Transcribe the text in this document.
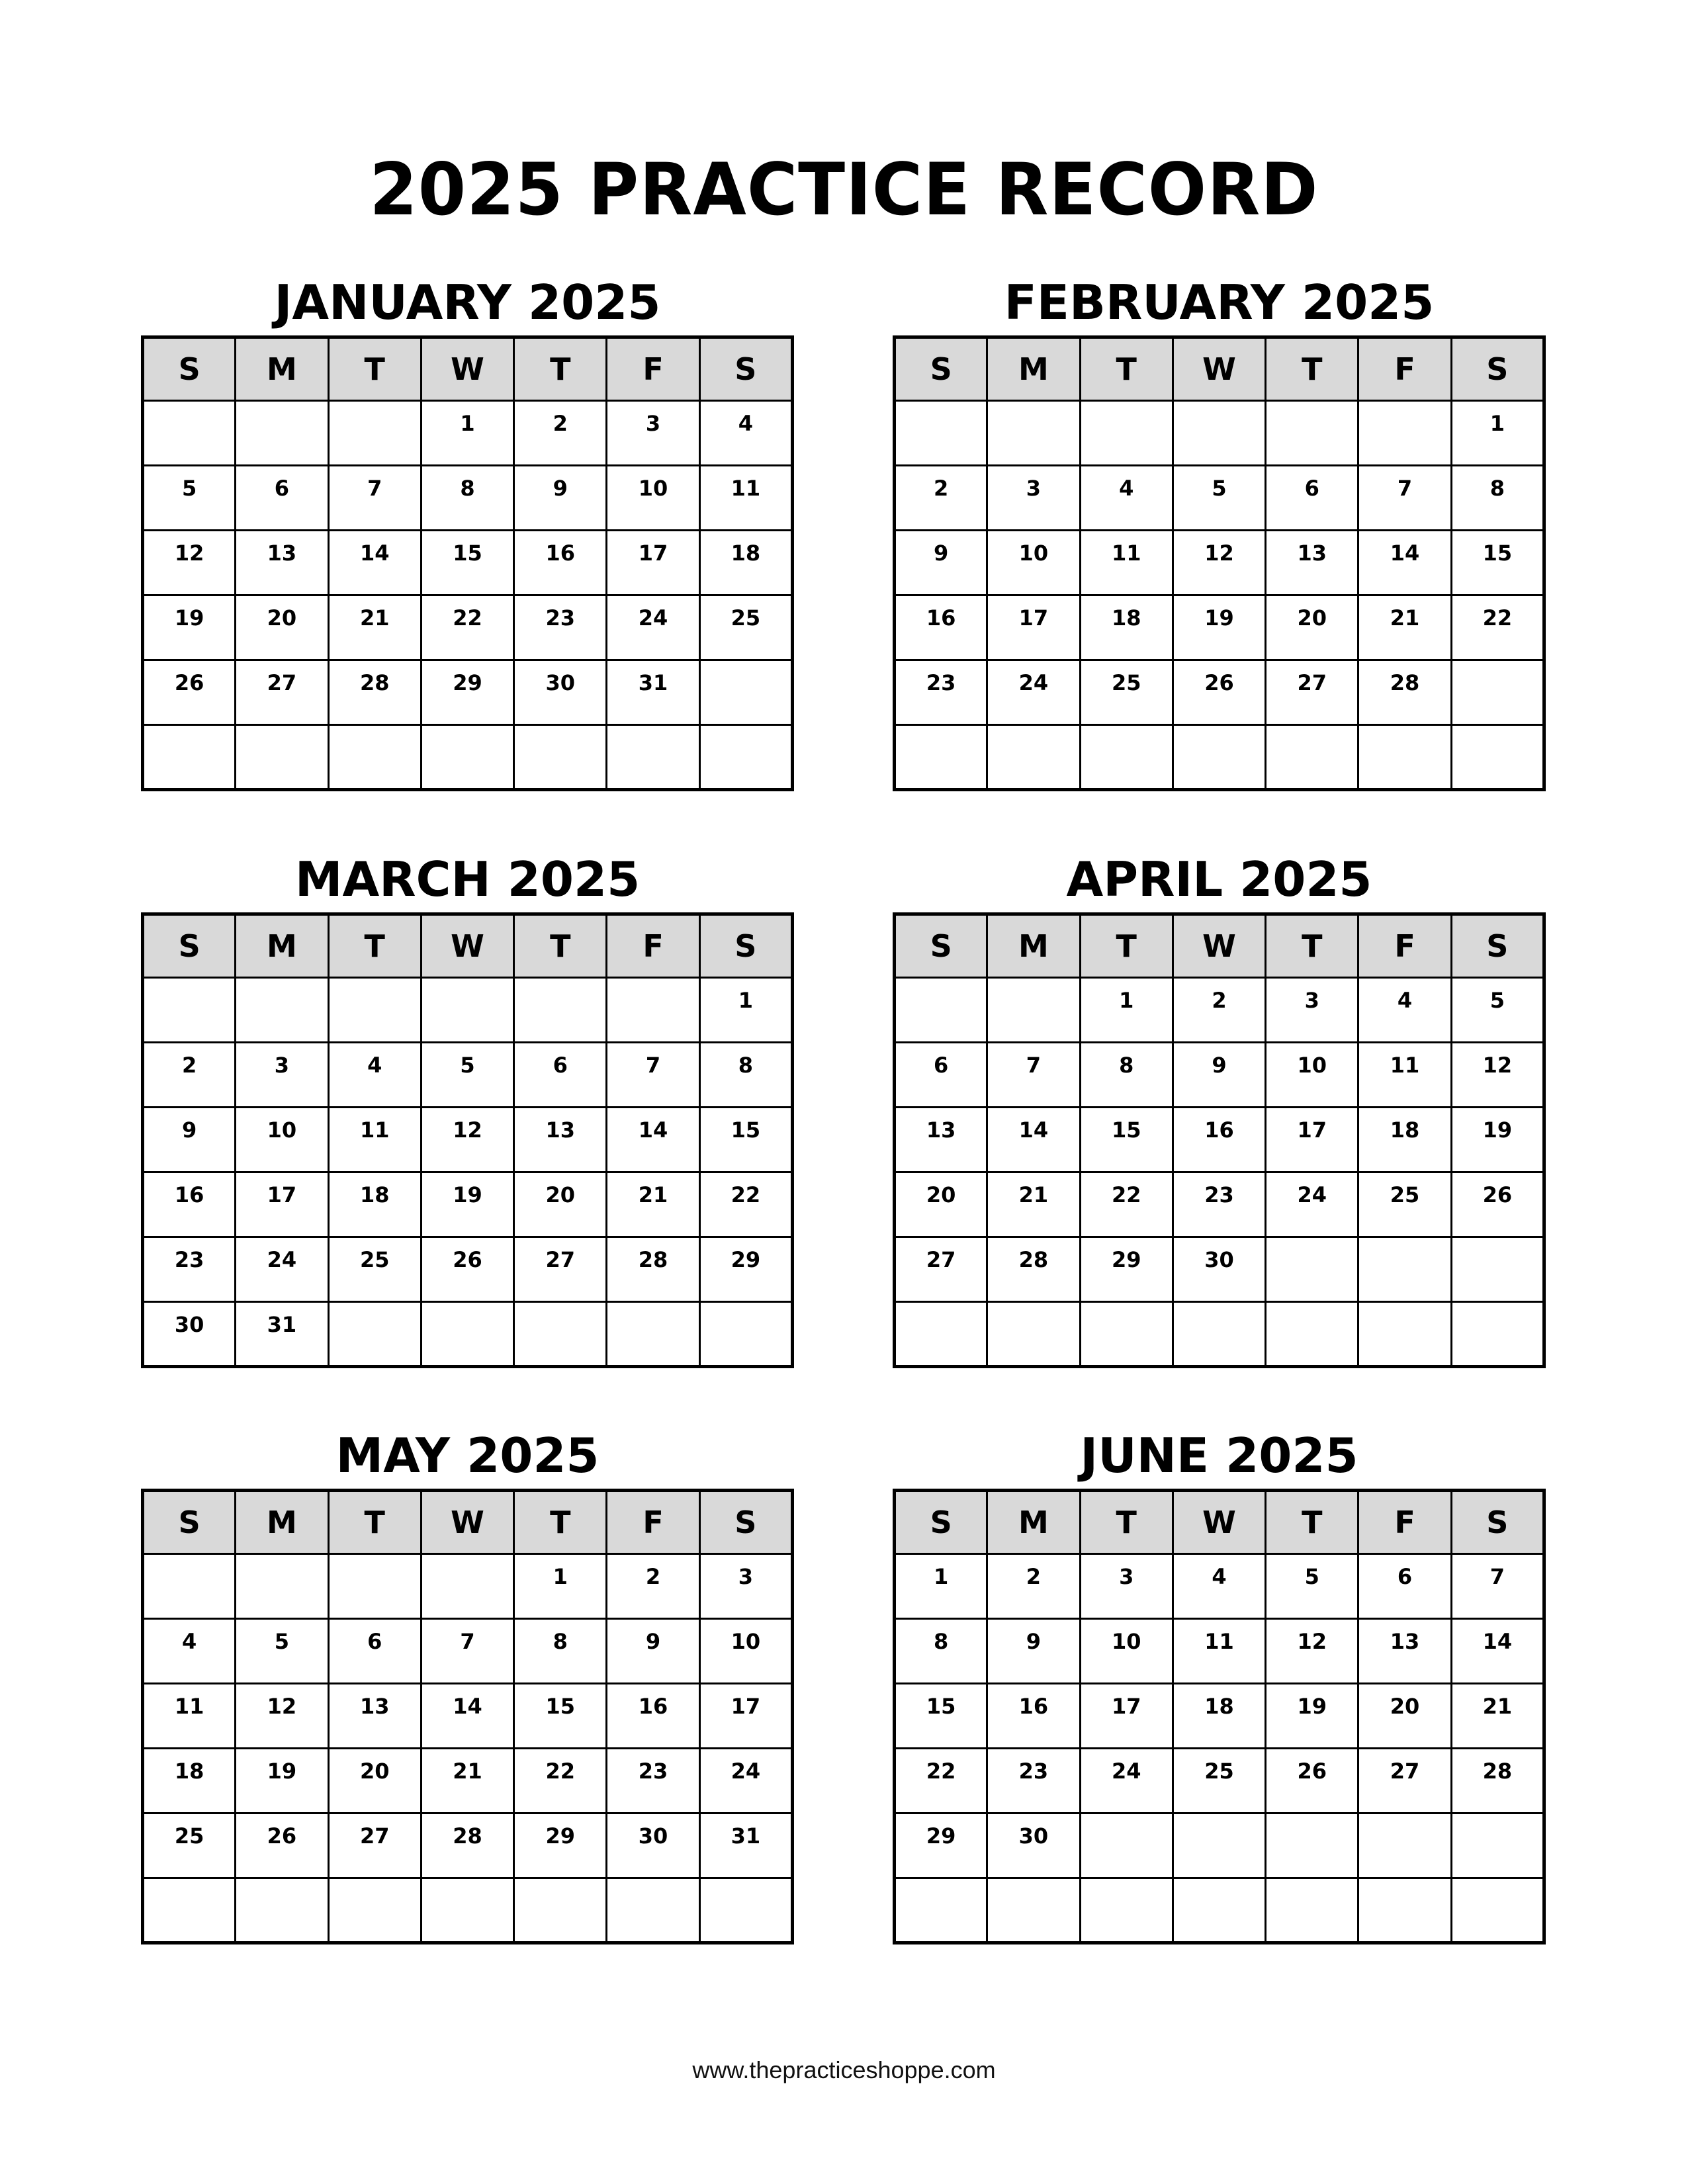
2025 PRACTICE RECORD
JANUARY 2025
S	M	T	W	T	F	S
			1	2	3	4
5	6	7	8	9	10	11
12	13	14	15	16	17	18
19	20	21	22	23	24	25
26	27	28	29	30	31	

FEBRUARY 2025
S	M	T	W	T	F	S
						1
2	3	4	5	6	7	8
9	10	11	12	13	14	15
16	17	18	19	20	21	22
23	24	25	26	27	28	

MARCH 2025
S	M	T	W	T	F	S
						1
2	3	4	5	6	7	8
9	10	11	12	13	14	15
16	17	18	19	20	21	22
23	24	25	26	27	28	29
30	31					
APRIL 2025
S	M	T	W	T	F	S
		1	2	3	4	5
6	7	8	9	10	11	12
13	14	15	16	17	18	19
20	21	22	23	24	25	26
27	28	29	30			

MAY 2025
S	M	T	W	T	F	S
				1	2	3
4	5	6	7	8	9	10
11	12	13	14	15	16	17
18	19	20	21	22	23	24
25	26	27	28	29	30	31

JUNE 2025
S	M	T	W	T	F	S
1	2	3	4	5	6	7
8	9	10	11	12	13	14
15	16	17	18	19	20	21
22	23	24	25	26	27	28
29	30					

www.thepracticeshoppe.com
